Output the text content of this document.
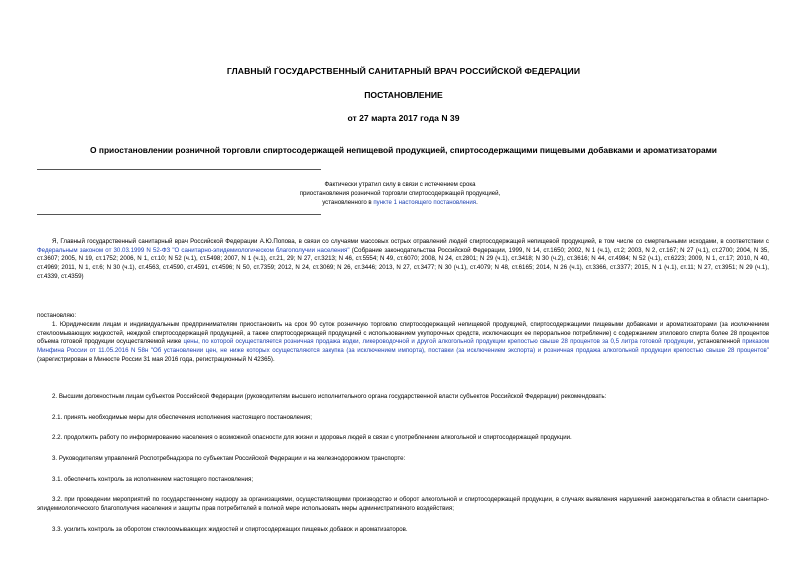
ГЛАВНЫЙ ГОСУДАРСТВЕННЫЙ САНИТАРНЫЙ ВРАЧ РОССИЙСКОЙ ФЕДЕРАЦИИ
ПОСТАНОВЛЕНИЕ
от 27 марта 2017 года N 39
О приостановлении розничной торговли спиртосодержащей непищевой продукцией, спиртосодержащими пищевыми добавками и ароматизаторами
Фактически утратил силу в связи с истечением срока
приостановления розничной торговли спиртосодержащей продукцией,
установленного в пункте 1 настоящего постановления.
Я, Главный государственный санитарный врач Российской Федерации А.Ю.Попова, в связи со случаями массовых острых отравлений людей спиртосодержащей непищевой продукцией, в том числе со смертельными исходами, в соответствии с Федеральным законом от 30.03.1999 N 52-ФЗ "О санитарно-эпидемиологическом благополучии населения" (Собрание законодательства Российской Федерации, 1999, N 14, ст.1650; 2002, N 1 (ч.1), ст.2; 2003, N 2, ст.167; N 27 (ч.1), ст.2700; 2004, N 35, ст.3607; 2005, N 19, ст.1752; 2006, N 1, ст.10; N 52 (ч.1), ст.5498; 2007, N 1 (ч.1), ст.21, 29; N 27, ст.3213; N 46, ст.5554; N 49, ст.6070; 2008, N 24, ст.2801; N 29 (ч.1), ст.3418; N 30 (ч.2), ст.3616; N 44, ст.4984; N 52 (ч.1), ст.6223; 2009, N 1, ст.17; 2010, N 40, ст.4969; 2011, N 1, ст.6; N 30 (ч.1), ст.4563, ст.4590, ст.4591, ст.4596; N 50, ст.7359; 2012, N 24, ст.3069; N 26, ст.3446; 2013, N 27, ст.3477; N 30 (ч.1), ст.4079; N 48, ст.6165; 2014, N 26 (ч.1), ст.3366, ст.3377; 2015, N 1 (ч.1), ст.11; N 27, ст.3951; N 29 (ч.1), ст.4339, ст.4359)
постановляю:
1. Юридическим лицам и индивидуальным предпринимателям приостановить на срок 90 суток розничную торговлю спиртосодержащей непищевой продукцией, спиртосодержащими пищевыми добавками и ароматизаторами (за исключением стеклоомывающих жидкостей, неждкой спиртосодержащей продукцией, а также спиртосодержащей продукцией с использованием укупорочных средств, исключающих ее пероральное потребление) с содержанием этилового спирта более 28 процентов объема готовой продукции осуществляемой ниже цены, по которой осуществляется розничная продажа водки, ликероводочной и другой алкогольной продукции крепостью свыше 28 процентов за 0,5 литра готовой продукции, установленной приказом Минфина России от 11.05.2016 N 58н "Об установлении цен, не ниже которых осуществляются закупка (за исключением импорта), поставки (за исключением экспорта) и розничная продажа алкогольной продукции крепостью свыше 28 процентов" (зарегистрирован в Минюсте России 31 мая 2016 года, регистрационный N 42365).
2. Высшим должностным лицам субъектов Российской Федерации (руководителям высшего исполнительного органа государственной власти субъектов Российской Федерации) рекомендовать:
2.1. принять необходимые меры для обеспечения исполнения настоящего постановления;
2.2. продолжить работу по информированию населения о возможной опасности для жизни и здоровья людей в связи с употреблением алкогольной и спиртосодержащей продукции.
3. Руководителям управлений Роспотребнадзора по субъектам Российской Федерации и на железнодорожном транспорте:
3.1. обеспечить контроль за исполнением настоящего постановления;
3.2. при проведении мероприятий по государственному надзору за организациями, осуществляющими производство и оборот алкогольной и спиртосодержащей продукции, в случаях выявления нарушений законодательства в области санитарно-эпидемиологического благополучия населения и защиты прав потребителей в полной мере использовать меры административного воздействия;
3.3. усилить контроль за оборотом стеклоомывающих жидкостей и спиртосодержащих пищевых добавок и ароматизаторов.
